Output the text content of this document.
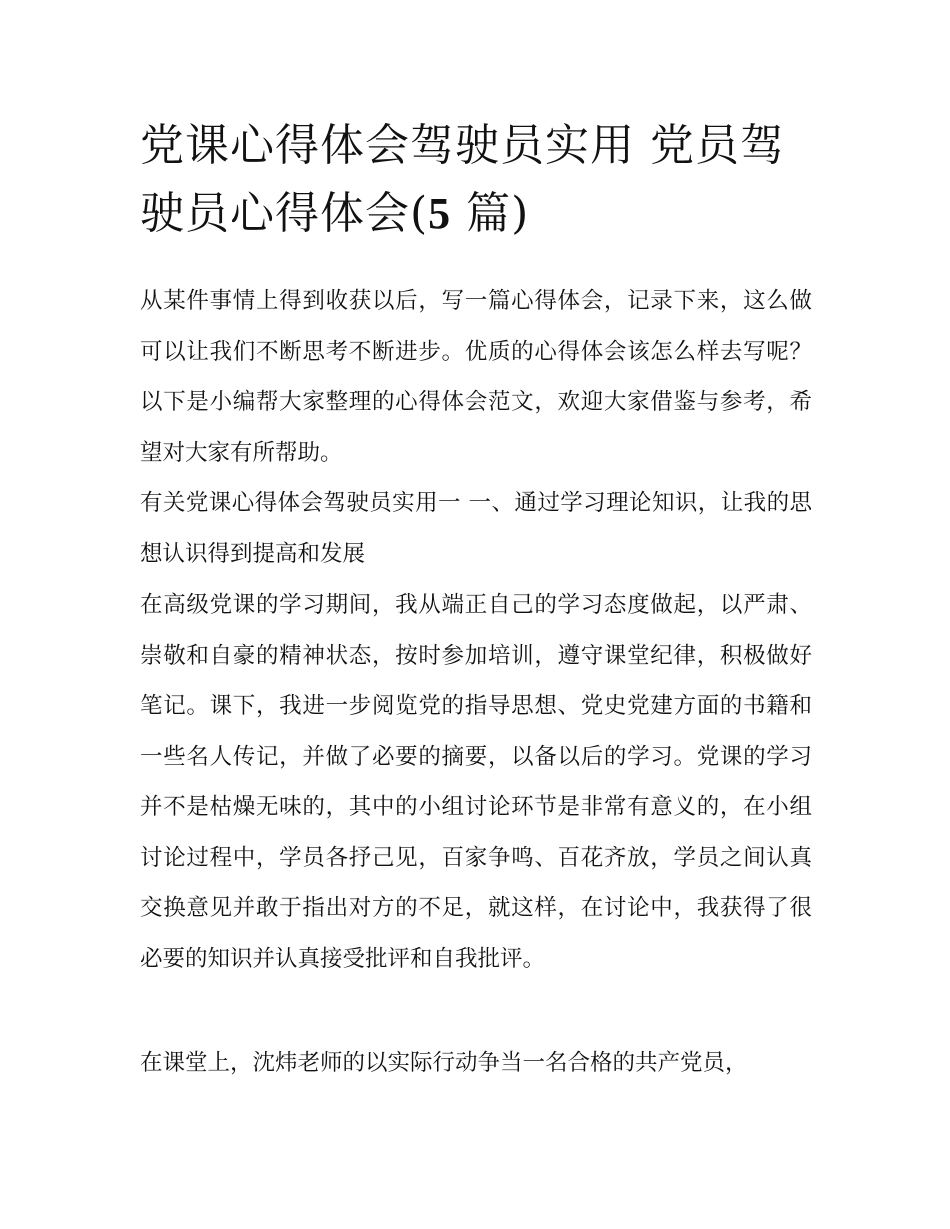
党课心得体会驾驶员实用 党员驾驶员心得体会(5 篇)

从某件事情上得到收获以后，写一篇心得体会，记录下来，这么做可以让我们不断思考不断进步。优质的心得体会该怎么样去写呢？以下是小编帮大家整理的心得体会范文，欢迎大家借鉴与参考，希望对大家有所帮助。

有关党课心得体会驾驶员实用一 一、通过学习理论知识，让我的思想认识得到提高和发展

在高级党课的学习期间，我从端正自己的学习态度做起，以严肃、崇敬和自豪的精神状态，按时参加培训，遵守课堂纪律，积极做好笔记。课下，我进一步阅览党的指导思想、党史党建方面的书籍和一些名人传记，并做了必要的摘要，以备以后的学习。党课的学习并不是枯燥无味的，其中的小组讨论环节是非常有意义的，在小组讨论过程中，学员各抒己见，百家争鸣、百花齐放，学员之间认真交换意见并敢于指出对方的不足，就这样，在讨论中，我获得了很必要的知识并认真接受批评和自我批评。

在课堂上，沈炜老师的以实际行动争当一名合格的共产党员，
